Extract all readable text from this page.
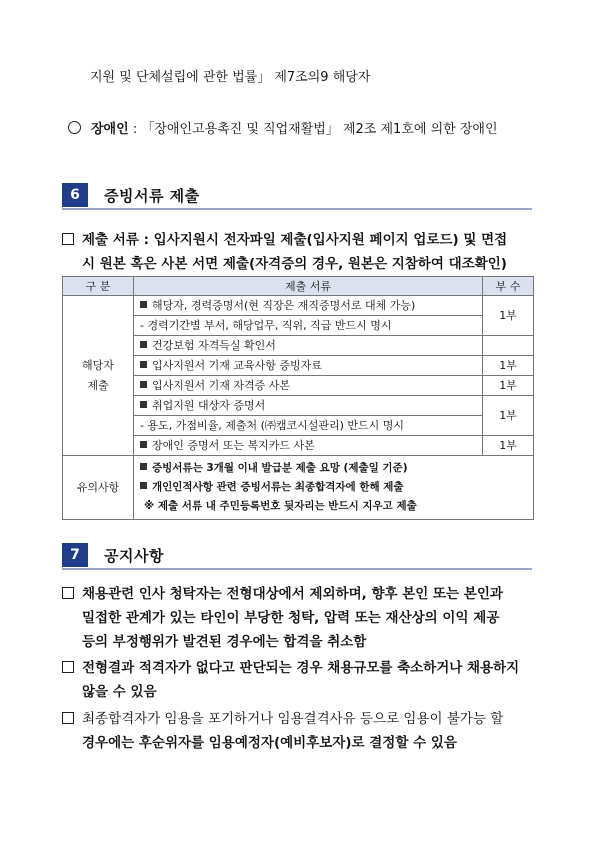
지원 및 단체설립에 관한 법률」 제7조의9 해당자
장애인 : 「장애인고용촉진 및 직업재활법」 제2조 제1호에 의한 장애인
6	증빙서류 제출
제출 서류 : 입사지원시 전자파일 제출(입사지원 페이지 업로드) 및 면접
시 원본 혹은 사본 서면 제출(자격증의 경우, 원본은 지참하여 대조확인)
구 분	제출 서류	부 수
해당자
제출	해당자, 경력증명서(현 직장은 재직증명서로 대체 가능)	1부
	- 경력기간별 부서, 해당업무, 직위, 직급 반드시 명시	
	건강보험 자격득실 확인서	
	입사지원서 기재 교육사항 증빙자료	1부
	입사지원서 기재 자격증 사본	1부
	취업지원 대상자 증명서	1부
	- 용도, 가점비율, 제출처 (㈜캠코시설관리) 반드시 명시	
	장애인 증명서 또는 복지카드 사본	1부
유의사항	증빙서류는 3개월 이내 발급분 제출 요망 (제출일 기준)
개인인적사항 관련 증빙서류는 최종합격자에 한해 제출
※ 제출 서류 내 주민등록번호 뒷자리는 반드시 지우고 제출	
7	공지사항
채용관련 인사 청탁자는 전형대상에서 제외하며, 향후 본인 또는 본인과
밀접한 관계가 있는 타인이 부당한 청탁, 압력 또는 재산상의 이익 제공
등의 부정행위가 발견된 경우에는 합격을 취소함
전형결과 적격자가 없다고 판단되는 경우 채용규모를 축소하거나 채용하지
않을 수 있음
최종합격자가 임용을 포기하거나 임용결격사유 등으로 임용이 불가능 할
경우에는 후순위자를 임용예정자(예비후보자)로 결정할 수 있음
